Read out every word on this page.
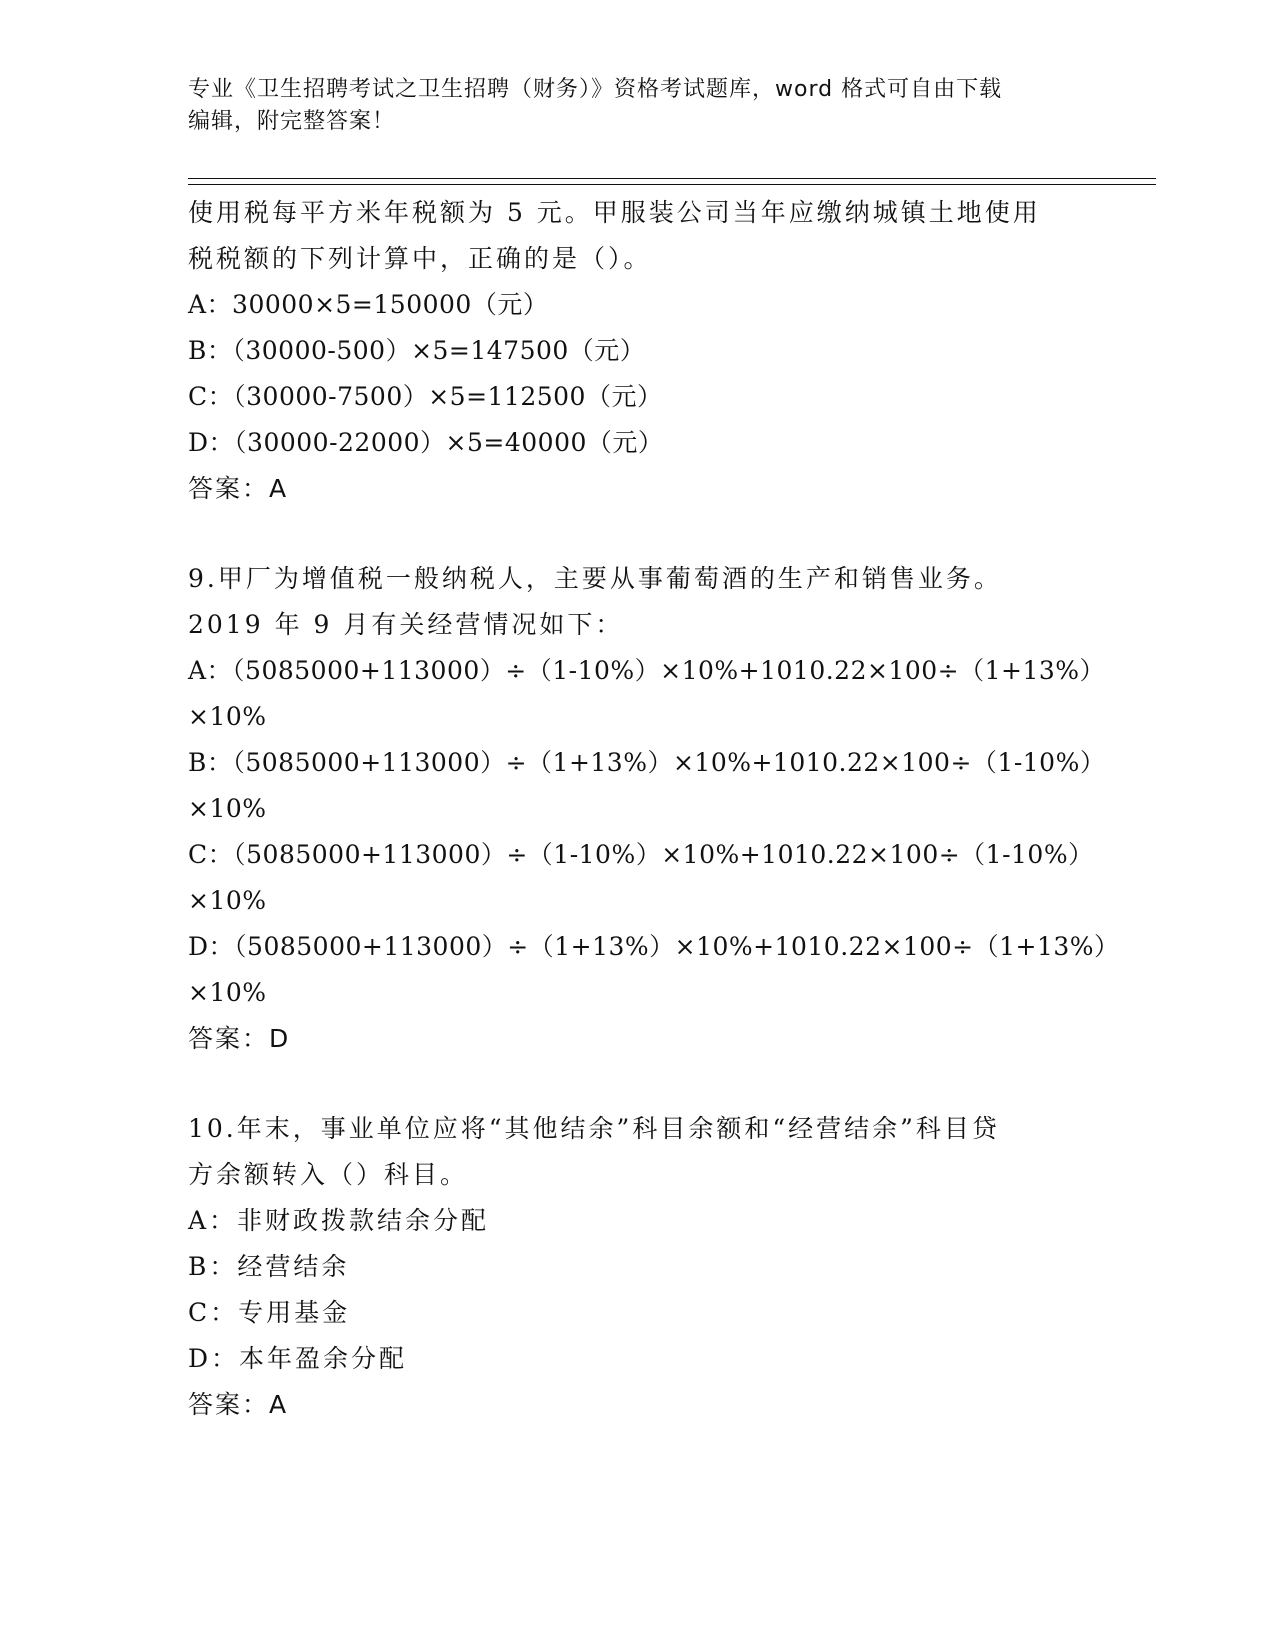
专业《卫生招聘考试之卫生招聘（财务）》资格考试题库，word 格式可自由下载
编辑，附完整答案！
使用税每平方米年税额为 5 元。甲服装公司当年应缴纳城镇土地使用
税税额的下列计算中，正确的是（）。
A：30000×5=150000（元）
B：（30000-500）×5=147500（元）
C：（30000-7500）×5=112500（元）
D：（30000-22000）×5=40000（元）
答案：A
9.甲厂为增值税一般纳税人，主要从事葡萄酒的生产和销售业务。
2019 年 9 月有关经营情况如下：
A：（5085000+113000）÷（1-10%）×10%+1010.22×100÷（1+13%）
×10%
B：（5085000+113000）÷（1+13%）×10%+1010.22×100÷（1-10%）
×10%
C：（5085000+113000）÷（1-10%）×10%+1010.22×100÷（1-10%）
×10%
D：（5085000+113000）÷（1+13%）×10%+1010.22×100÷（1+13%）
×10%
答案：D
10.年末，事业单位应将“其他结余”科目余额和“经营结余”科目贷
方余额转入（）科目。
A：非财政拨款结余分配
B：经营结余
C：专用基金
D：本年盈余分配
答案：A
